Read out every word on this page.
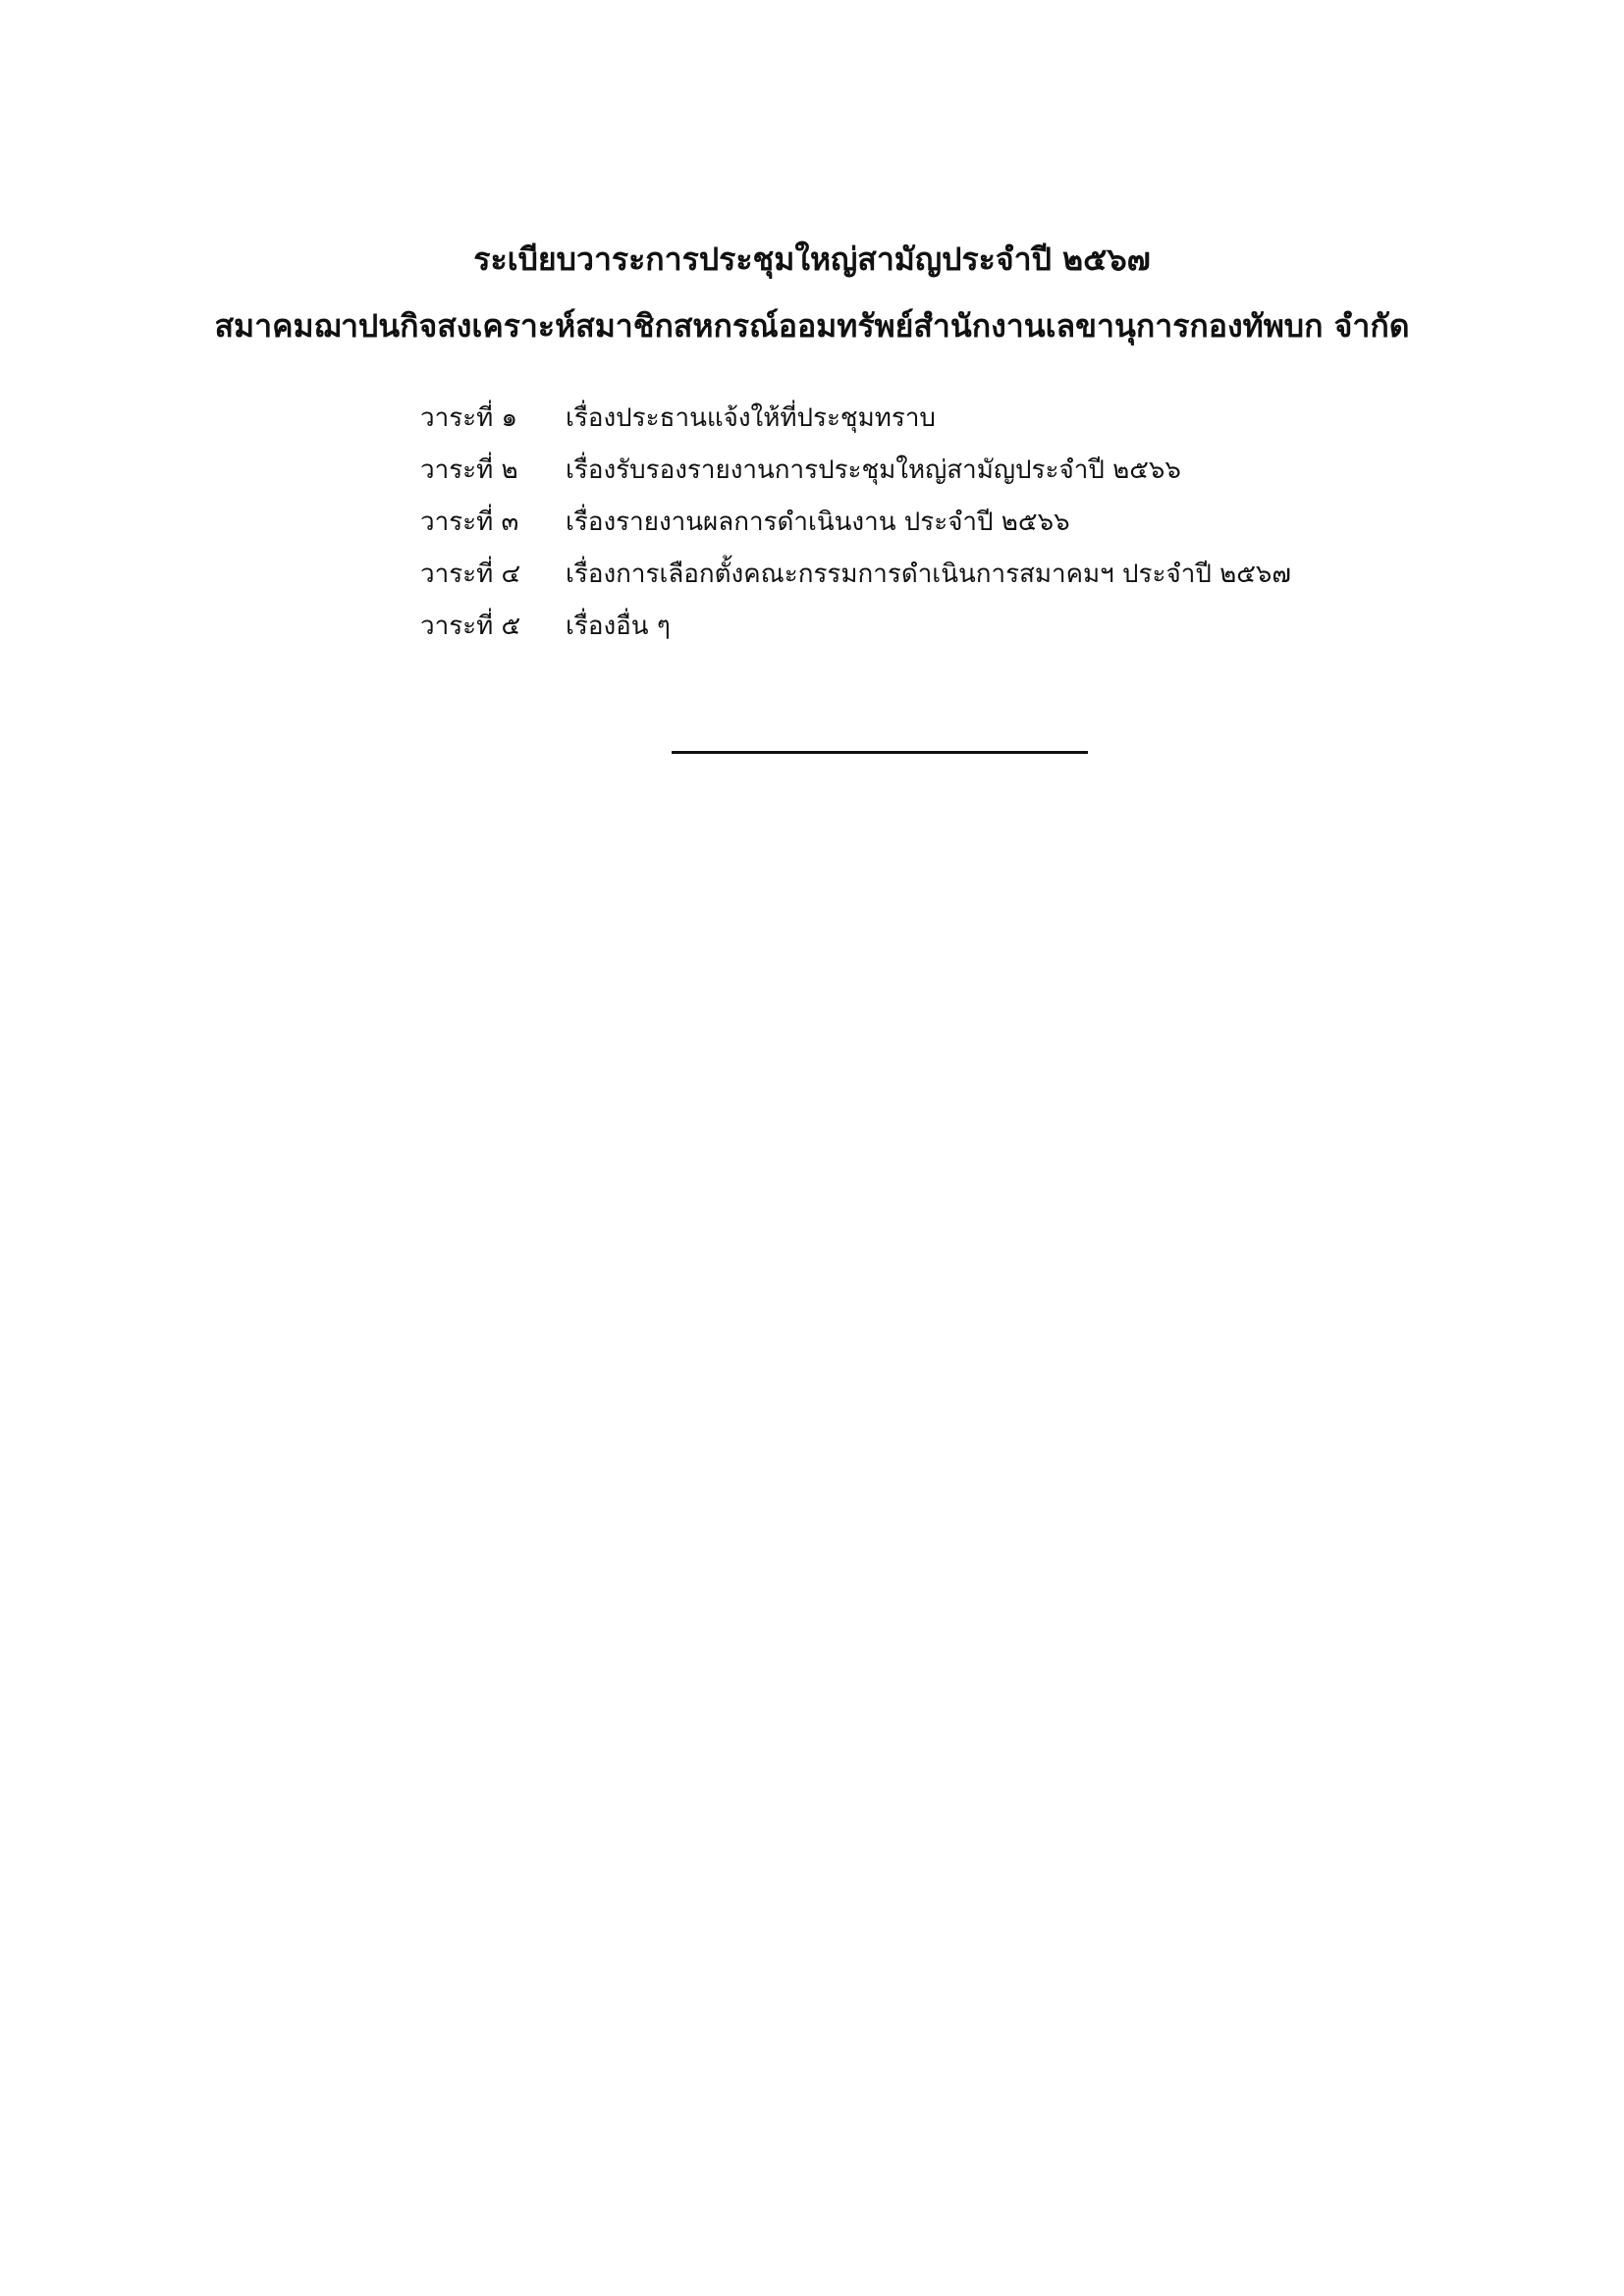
ระเบียบวาระการประชุมใหญ่สามัญประจำปี ๒๕๖๗
สมาคมฌาปนกิจสงเคราะห์สมาชิกสหกรณ์ออมทรัพย์สำนักงานเลขานุการกองทัพบก จำกัด
วาระที่ ๑	เรื่องประธานแจ้งให้ที่ประชุมทราบ
วาระที่ ๒	เรื่องรับรองรายงานการประชุมใหญ่สามัญประจำปี ๒๕๖๖
วาระที่ ๓	เรื่องรายงานผลการดำเนินงาน ประจำปี ๒๕๖๖
วาระที่ ๔	เรื่องการเลือกตั้งคณะกรรมการดำเนินการสมาคมฯ ประจำปี ๒๕๖๗
วาระที่ ๕	เรื่องอื่น ๆ
